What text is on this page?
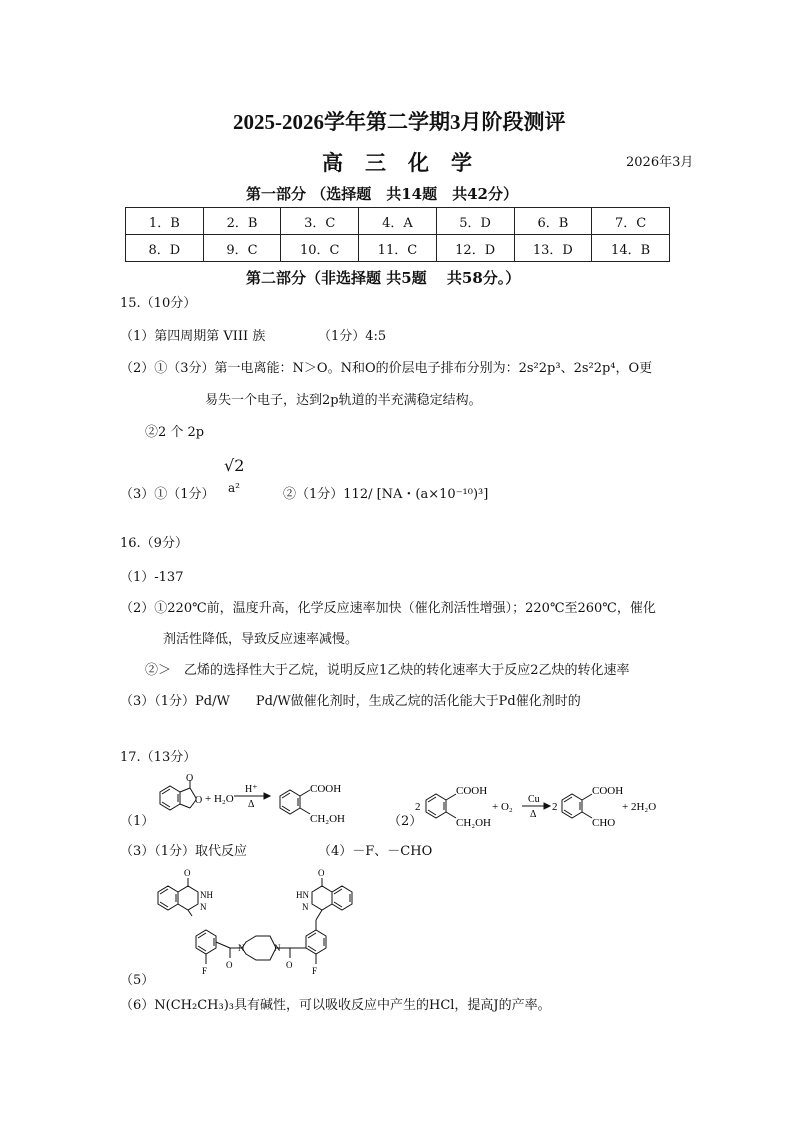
2025-2026学年第二学期3月阶段测评
高三化学	2026年3月
第一部分 （选择题　共14题　共42分）
1．B	2．B	3．C	4．A	5．D	6．B	7．C
8．D	9．C	10．C	11．C	12．D	13．D	14．B
第二部分（非选择题 共5题　 共58分。）
15.（10分）
（1）第四周期第 VIII 族	（1分）4:5
（2）①（3分）第一电离能：N＞O。N和O的价层电子排布分别为：2s²2p³、2s²2p⁴，O更
易失一个电子，达到2p轨道的半充满稳定结构。
②2 个 2p
（3）①（1分）
√2
a²	②（1分）112/ [NA・(a×10⁻¹⁰)³]
16.（9分）
（1）-137
（2）①220℃前，温度升高，化学反应速率加快（催化剂活性增强）；220℃至260℃，催化
剂活性降低，导致反应速率减慢。
②＞　乙烯的选择性大于乙烷，说明反应1乙炔的转化速率大于反应2乙炔的转化速率
（3）（1分）Pd/W　　Pd/W做催化剂时，生成乙烷的活化能大于Pd催化剂时的
17.（13分）
（1）	（2）
O
O + H₂O
H⁺
Δ
COOH
CH₂OH
2
COOH
CH₂OH
+ O₂
Cu
Δ
2
COOH
CHO
+ 2H₂O
（3）（1分）取代反应	（4）－F、－CHO
O
NH
N
O
HN
N
F
O
N	N
O
F
（5）
（6）N(CH₂CH₃)₃具有碱性，可以吸收反应中产生的HCl，提高J的产率。
